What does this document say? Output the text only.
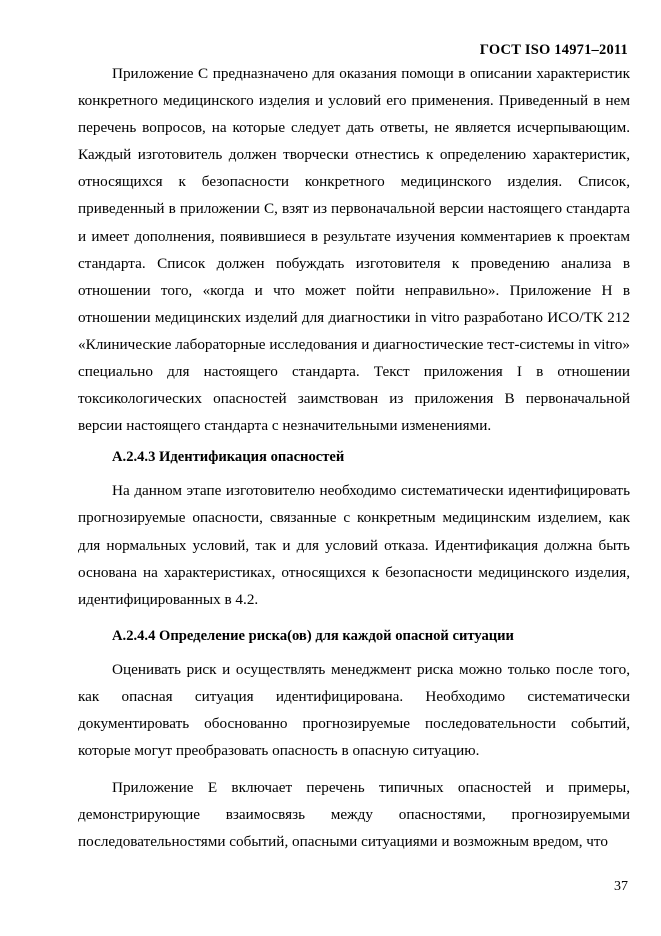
ГОСТ ISO 14971–2011

Приложение С предназначено для оказания помощи в описании характеристик конкретного медицинского изделия и условий его применения. Приведенный в нем перечень вопросов, на которые следует дать ответы, не является исчерпывающим. Каждый изготовитель должен творчески отнестись к определению характеристик, относящихся к безопасности конкретного медицинского изделия. Список, приведенный в приложении С, взят из первоначальной версии настоящего стандарта и имеет дополнения, появившиеся в результате изучения комментариев к проектам стандарта. Список должен побуждать изготовителя к проведению анализа в отношении того, «когда и что может пойти неправильно». Приложение Н в отношении медицинских изделий для диагностики in vitro разработано ИСО/ТК 212 «Клинические лабораторные исследования и диагностические тест-системы in vitro» специально для настоящего стандарта. Текст приложения I в отношении токсикологических опасностей заимствован из приложения В первоначальной версии настоящего стандарта с незначительными изменениями.

А.2.4.3 Идентификация опасностей

На данном этапе изготовителю необходимо систематически идентифицировать прогнозируемые опасности, связанные с конкретным медицинским изделием, как для нормальных условий, так и для условий отказа. Идентификация должна быть основана на характеристиках, относящихся к безопасности медицинского изделия, идентифицированных в 4.2.

А.2.4.4 Определение риска(ов) для каждой опасной ситуации

Оценивать риск и осуществлять менеджмент риска можно только после того, как опасная ситуация идентифицирована. Необходимо систематически документировать обоснованно прогнозируемые последовательности событий, которые могут преобразовать опасность в опасную ситуацию.

Приложение Е включает перечень типичных опасностей и примеры, демонстрирующие взаимосвязь между опасностями, прогнозируемыми последовательностями событий, опасными ситуациями и возможным вредом, что

37
